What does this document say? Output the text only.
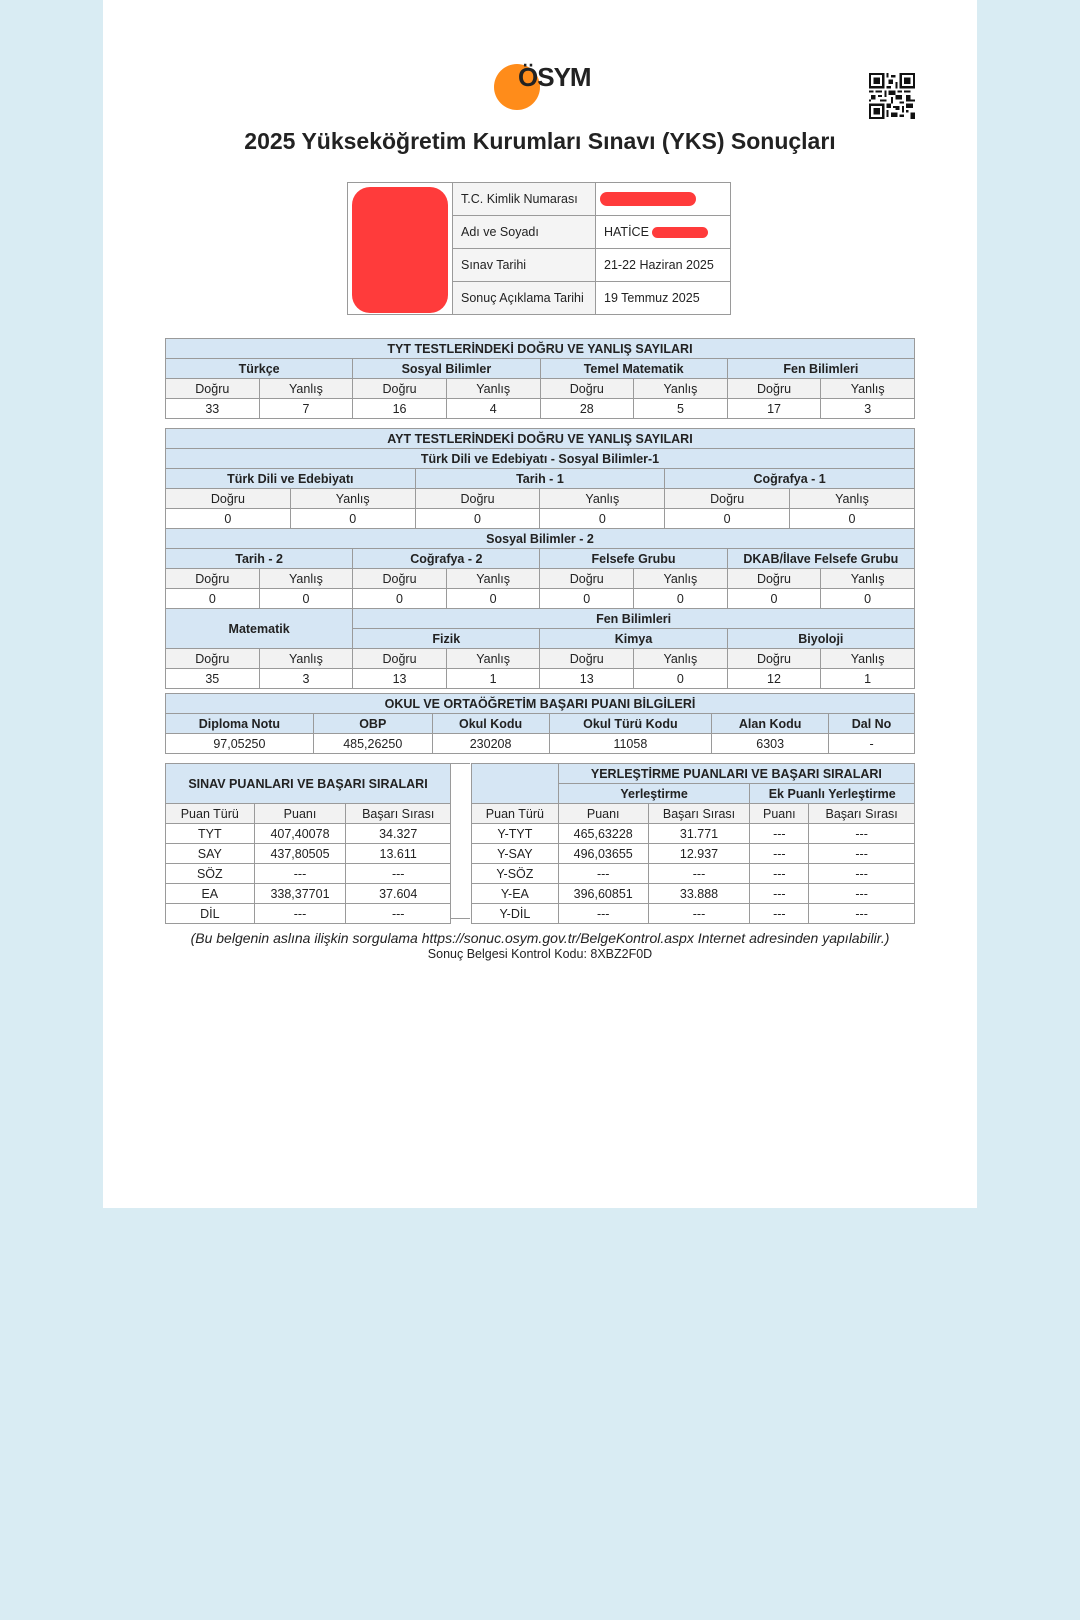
ÖSYM
2025 Yükseköğretim Kurumları Sınavı (YKS) Sonuçları
	T.C. Kimlik Numarası	

	Adı ve Soyadı	HATİCE

	Sınav Tarihi	21-22 Haziran 2025
	Sonuç Açıklama Tarihi	19 Temmuz 2025
TYT TESTLERİNDEKİ DOĞRU VE YANLIŞ SAYILARI							
Türkçe		Sosyal Bilimler		Temel Matematik		Fen Bilimleri	
Doğru	Yanlış	Doğru	Yanlış	Doğru	Yanlış	Doğru	Yanlış
33	7	16	4	28	5	17	3
AYT TESTLERİNDEKİ DOĞRU VE YANLIŞ SAYILARI											
Türk Dili ve Edebiyatı - Sosyal Bilimler-1											
Türk Dili ve Edebiyatı				Tarih - 1				Coğrafya - 1			
Doğru		Yanlış		Doğru		Yanlış		Doğru		Yanlış	
0		0		0		0		0		0	
Sosyal Bilimler - 2											
Tarih - 2			Coğrafya - 2			Felsefe Grubu			DKAB/İlave Felsefe Grubu		
Doğru	Yanlış		Doğru		Yanlış	Doğru	Yanlış		Doğru		Yanlış
0	0		0		0	0	0		0		0
Matematik			Fen Bilimleri								
			Fizik			Kimya			Biyoloji		
Doğru	Yanlış		Doğru		Yanlış	Doğru	Yanlış		Doğru		Yanlış
35	3		13		1	13	0		12		1
OKUL VE ORTAÖĞRETİM BAŞARI PUANI BİLGİLERİ					
Diploma Notu	OBP	Okul Kodu	Okul Türü Kodu	Alan Kodu	Dal No
97,05250	485,26250	230208	11058	6303	-
SINAV PUANLARI VE BAŞARI SIRALARI		

Puan Türü	Puanı	Başarı Sırası
TYT	407,40078	34.327
SAY	437,80505	13.611
SÖZ	---	---
EA	338,37701	37.604
DİL	---	---
	YERLEŞTİRME PUANLARI VE BAŞARI SIRALARI			
	Yerleştirme		Ek Puanlı Yerleştirme	
Puan Türü	Puanı	Başarı Sırası	Puanı	Başarı Sırası
Y-TYT	465,63228	31.771	---	---
Y-SAY	496,03655	12.937	---	---
Y-SÖZ	---	---	---	---
Y-EA	396,60851	33.888	---	---
Y-DİL	---	---	---	---
(Bu belgenin aslına ilişkin sorgulama https://sonuc.osym.gov.tr/BelgeKontrol.aspx Internet adresinden yapılabilir.)
Sonuç Belgesi Kontrol Kodu: 8XBZ2F0D
